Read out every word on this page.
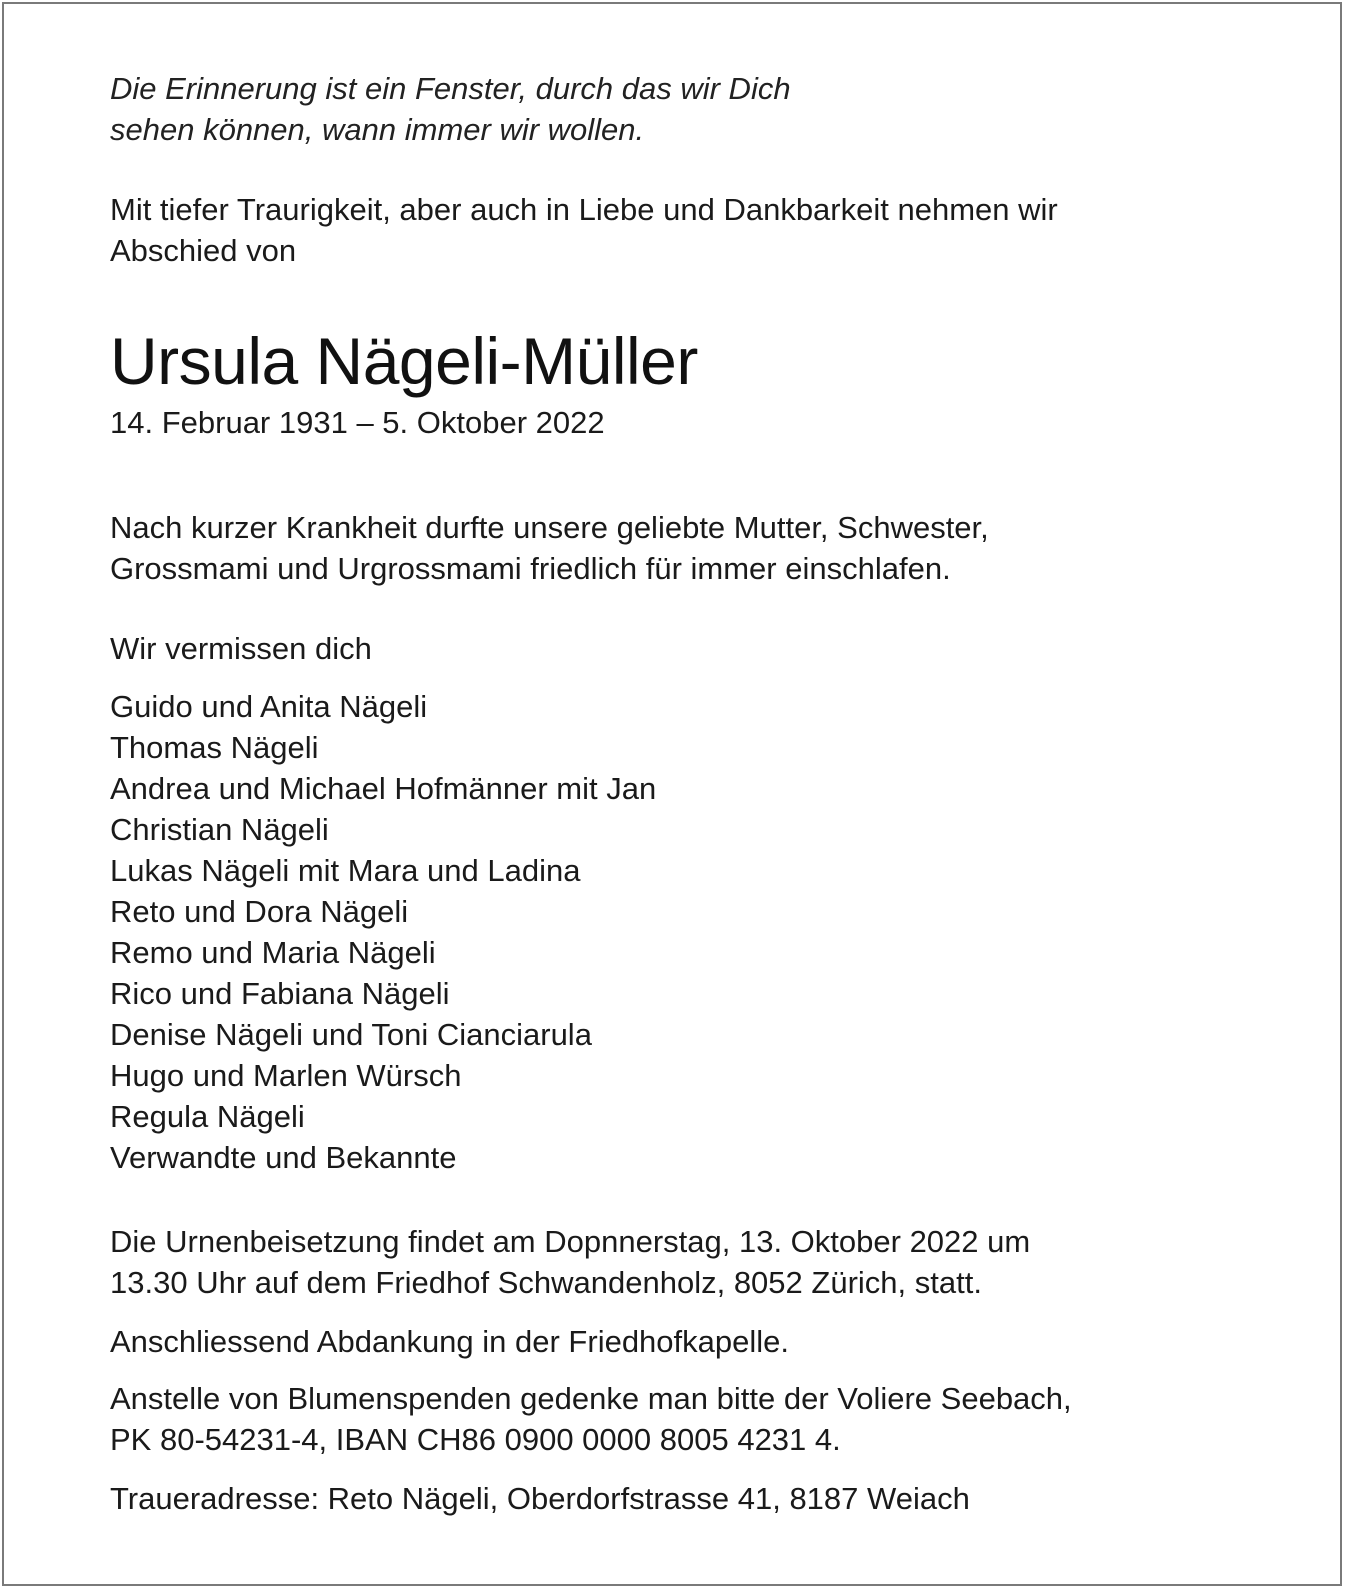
Die Erinnerung ist ein Fenster, durch das wir Dich
sehen können, wann immer wir wollen.

Mit tiefer Traurigkeit, aber auch in Liebe und Dankbarkeit nehmen wir
Abschied von

Ursula Nägeli-Müller

14. Februar 1931 – 5. Oktober 2022

Nach kurzer Krankheit durfte unsere geliebte Mutter, Schwester,
Grossmami und Urgrossmami friedlich für immer einschlafen.

Wir vermissen dich

Guido und Anita Nägeli
Thomas Nägeli
Andrea und Michael Hofmänner mit Jan
Christian Nägeli
Lukas Nägeli mit Mara und Ladina
Reto und Dora Nägeli
Remo und Maria Nägeli
Rico und Fabiana Nägeli
Denise Nägeli und Toni Cianciarula
Hugo und Marlen Würsch
Regula Nägeli
Verwandte und Bekannte

Die Urnenbeisetzung findet am Dopnnerstag, 13. Oktober 2022 um
13.30 Uhr auf dem Friedhof Schwandenholz, 8052 Zürich, statt.

Anschliessend Abdankung in der Friedhofkapelle.

Anstelle von Blumenspenden gedenke man bitte der Voliere Seebach,
PK 80-54231-4, IBAN CH86 0900 0000 8005 4231 4.

Traueradresse: Reto Nägeli, Oberdorfstrasse 41, 8187 Weiach
